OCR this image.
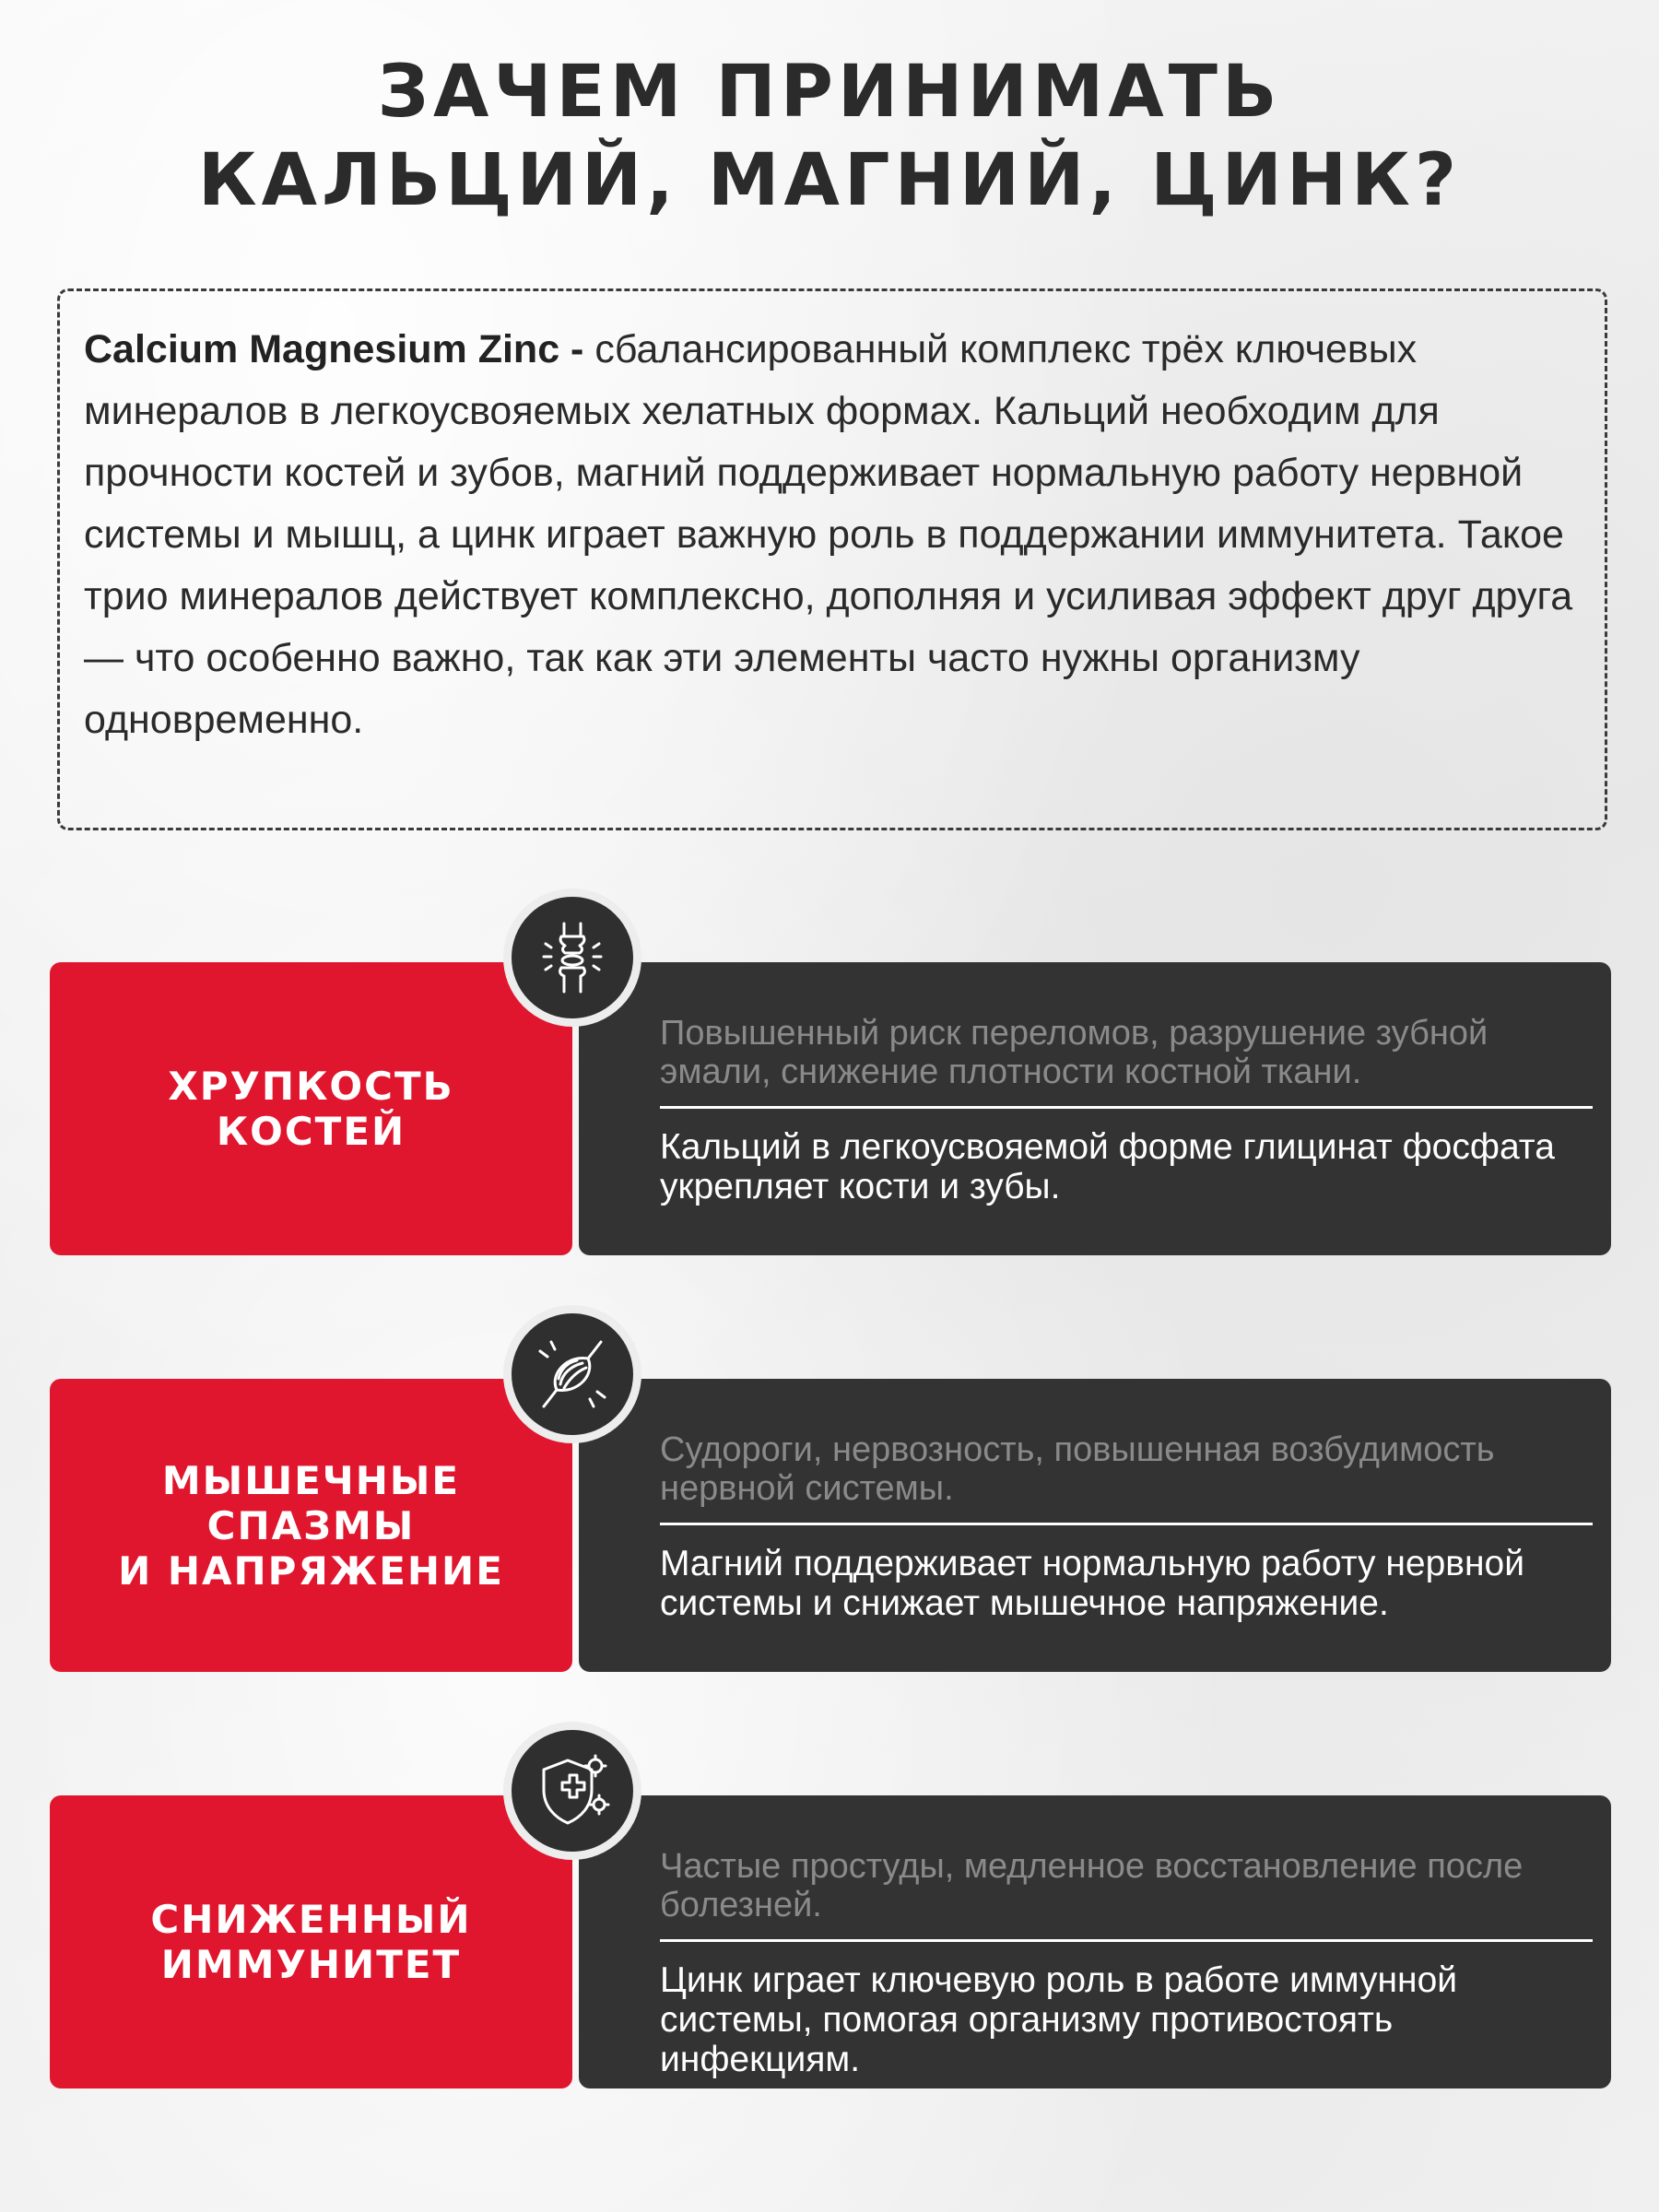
ЗАЧЕМ ПРИНИМАТЬ
КАЛЬЦИЙ, МАГНИЙ, ЦИНК?

Calcium Magnesium Zinc - сбалансированный комплекс трёх ключевых минералов в легкоусвояемых хелатных формах. Кальций необходим для прочности костей и зубов, магний поддерживает нормальную работу нервной системы и мышц, а цинк играет важную роль в поддержании иммунитета. Такое трио минералов действует комплексно, дополняя и усиливая эффект друг друга — что особенно важно, так как эти элементы часто нужны организму одновременно.

ХРУПКОСТЬ
КОСТЕЙ

Повышенный риск переломов, разрушение зубной эмали, снижение плотности костной ткани.

Кальций в легкоусвояемой форме глицинат фосфата укрепляет кости и зубы.

МЫШЕЧНЫЕ
СПАЗМЫ
И НАПРЯЖЕНИЕ

Судороги, нервозность, повышенная возбудимость нервной системы.

Магний поддерживает нормальную работу нервной системы и снижает мышечное напряжение.

СНИЖЕННЫЙ
ИММУНИТЕТ

Частые простуды, медленное восстановление после болезней.

Цинк играет ключевую роль в работе иммунной системы, помогая организму противостоять инфекциям.
